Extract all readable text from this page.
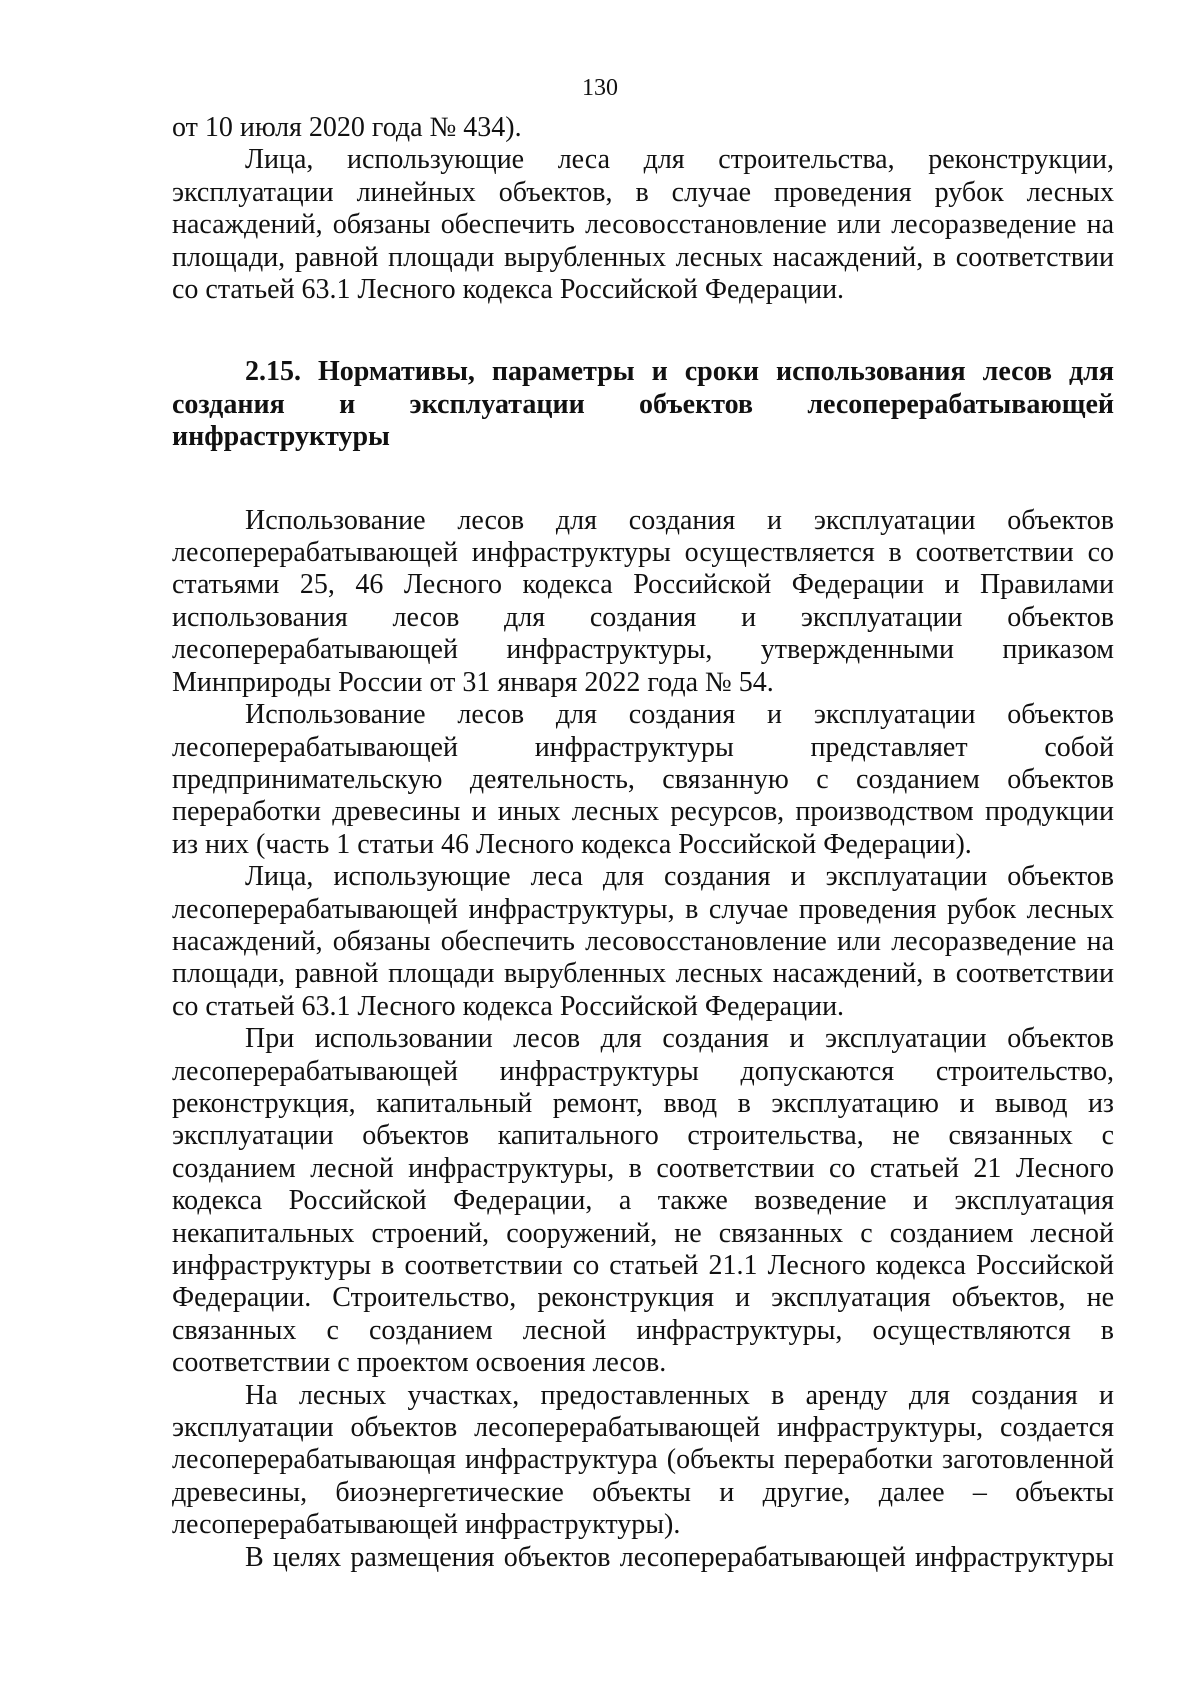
130

от 10 июля 2020 года № 434).

Лица, использующие леса для строительства, реконструкции, эксплуатации линейных объектов, в случае проведения рубок лесных насаждений, обязаны обеспечить лесовосстановление или лесоразведение на площади, равной площади вырубленных лесных насаждений, в соответствии со статьей 63.1 Лесного кодекса Российской Федерации.

2.15. Нормативы, параметры и сроки использования лесов для создания и эксплуатации объектов лесоперерабатывающей инфраструктуры

Использование лесов для создания и эксплуатации объектов лесоперерабатывающей инфраструктуры осуществляется в соответствии со статьями 25, 46 Лесного кодекса Российской Федерации и Правилами использования лесов для создания и эксплуатации объектов лесоперерабатывающей инфраструктуры, утвержденными приказом Минприроды России от 31 января 2022 года № 54.

Использование лесов для создания и эксплуатации объектов лесоперерабатывающей инфраструктуры представляет собой предпринимательскую деятельность, связанную с созданием объектов переработки древесины и иных лесных ресурсов, производством продукции из них (часть 1 статьи 46 Лесного кодекса Российской Федерации).

Лица, использующие леса для создания и эксплуатации объектов лесоперерабатывающей инфраструктуры, в случае проведения рубок лесных насаждений, обязаны обеспечить лесовосстановление или лесоразведение на площади, равной площади вырубленных лесных насаждений, в соответствии со статьей 63.1 Лесного кодекса Российской Федерации.

При использовании лесов для создания и эксплуатации объектов лесоперерабатывающей инфраструктуры допускаются строительство, реконструкция, капитальный ремонт, ввод в эксплуатацию и вывод из эксплуатации объектов капитального строительства, не связанных с созданием лесной инфраструктуры, в соответствии со статьей 21 Лесного кодекса Российской Федерации, а также возведение и эксплуатация некапитальных строений, сооружений, не связанных с созданием лесной инфраструктуры в соответствии со статьей 21.1 Лесного кодекса Российской Федерации. Строительство, реконструкция и эксплуатация объектов, не связанных с созданием лесной инфраструктуры, осуществляются в соответствии с проектом освоения лесов.

На лесных участках, предоставленных в аренду для создания и эксплуатации объектов лесоперерабатывающей инфраструктуры, создается лесоперерабатывающая инфраструктура (объекты переработки заготовленной древесины, биоэнергетические объекты и другие, далее – объекты лесоперерабатывающей инфраструктуры).

В целях размещения объектов лесоперерабатывающей инфраструктуры
